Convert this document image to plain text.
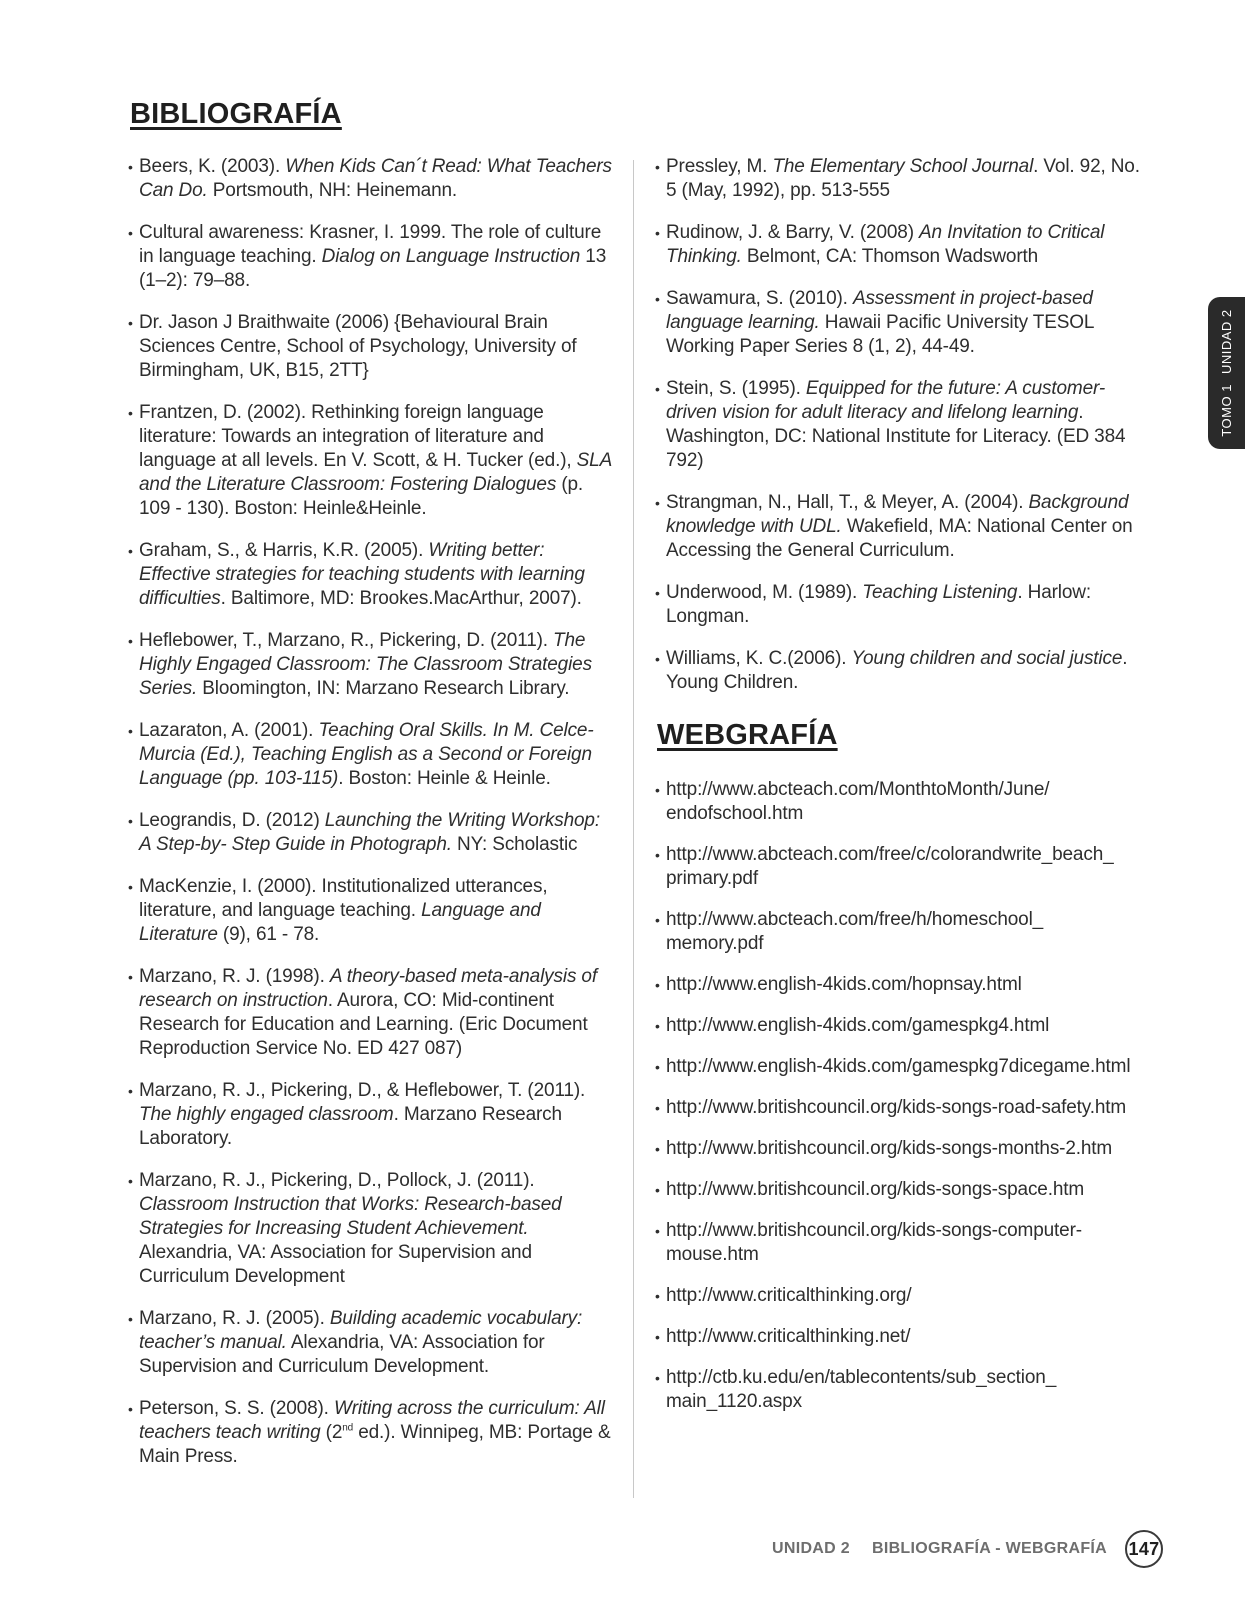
BIBLIOGRAFÍA
• Beers, K. (2003). When Kids Can´t Read: What Teachers Can Do. Portsmouth, NH: Heinemann.
• Cultural awareness: Krasner, I. 1999. The role of culture in language teaching. Dialog on Language Instruction 13 (1–2): 79–88.
• Dr. Jason J Braithwaite (2006) {Behavioural Brain Sciences Centre, School of Psychology, University of Birmingham, UK, B15, 2TT}
• Frantzen, D. (2002). Rethinking foreign language literature: Towards an integration of literature and language at all levels. En V. Scott, & H. Tucker (ed.), SLA and the Literature Classroom: Fostering Dialogues (p. 109 - 130). Boston: Heinle&Heinle.
• Graham, S., & Harris, K.R. (2005). Writing better: Effective strategies for teaching students with learning difficulties. Baltimore, MD: Brookes.MacArthur, 2007).
• Heflebower, T., Marzano, R., Pickering, D. (2011). The Highly Engaged Classroom: The Classroom Strategies Series. Bloomington, IN: Marzano Research Library.
• Lazaraton, A. (2001). Teaching Oral Skills. In M. Celce-Murcia (Ed.), Teaching English as a Second or Foreign Language (pp. 103-115). Boston: Heinle & Heinle.
• Leograndis, D. (2012) Launching the Writing Workshop: A Step-by- Step Guide in Photograph. NY: Scholastic
• MacKenzie, I. (2000). Institutionalized utterances, literature, and language teaching. Language and Literature (9), 61 - 78.
• Marzano, R. J. (1998). A theory-based meta-analysis of research on instruction. Aurora, CO: Mid-continent Research for Education and Learning. (Eric Document Reproduction Service No. ED 427 087)
• Marzano, R. J., Pickering, D., & Heflebower, T. (2011). The highly engaged classroom. Marzano Research Laboratory.
• Marzano, R. J., Pickering, D., Pollock, J. (2011). Classroom Instruction that Works: Research-based Strategies for Increasing Student Achievement. Alexandria, VA: Association for Supervision and Curriculum Development
• Marzano, R. J. (2005). Building academic vocabulary: teacher’s manual. Alexandria, VA: Association for Supervision and Curriculum Development.
• Peterson, S. S. (2008). Writing across the curriculum: All teachers teach writing (2nd ed.). Winnipeg, MB: Portage & Main Press.
• Pressley, M. The Elementary School Journal. Vol. 92, No. 5 (May, 1992), pp. 513-555
• Rudinow, J. & Barry, V. (2008) An Invitation to Critical Thinking. Belmont, CA: Thomson Wadsworth
• Sawamura, S. (2010). Assessment in project-based language learning. Hawaii Pacific University TESOL Working Paper Series 8 (1, 2), 44-49.
• Stein, S. (1995). Equipped for the future: A customer-driven vision for adult literacy and lifelong learning. Washington, DC: National Institute for Literacy. (ED 384 792)
• Strangman, N., Hall, T., & Meyer, A. (2004). Background knowledge with UDL. Wakefield, MA: National Center on Accessing the General Curriculum.
• Underwood, M. (1989). Teaching Listening. Harlow: Longman.
• Williams, K. C.(2006). Young children and social justice. Young Children.
WEBGRAFÍA
• http://www.abcteach.com/MonthtoMonth/June/ endofschool.htm
• http://www.abcteach.com/free/c/colorandwrite_beach_ primary.pdf
• http://www.abcteach.com/free/h/homeschool_ memory.pdf
• http://www.english-4kids.com/hopnsay.html
• http://www.english-4kids.com/gamespkg4.html
• http://www.english-4kids.com/gamespkg7dicegame.html
• http://www.britishcouncil.org/kids-songs-road-safety.htm
• http://www.britishcouncil.org/kids-songs-months-2.htm
• http://www.britishcouncil.org/kids-songs-space.htm
• http://www.britishcouncil.org/kids-songs-computer-mouse.htm
• http://www.criticalthinking.org/
• http://www.criticalthinking.net/
• http://ctb.ku.edu/en/tablecontents/sub_section_ main_1120.aspx
TOMO 1
UNIDAD 2
UNIDAD 2 BIBLIOGRAFÍA - WEBGRAFÍA 147
